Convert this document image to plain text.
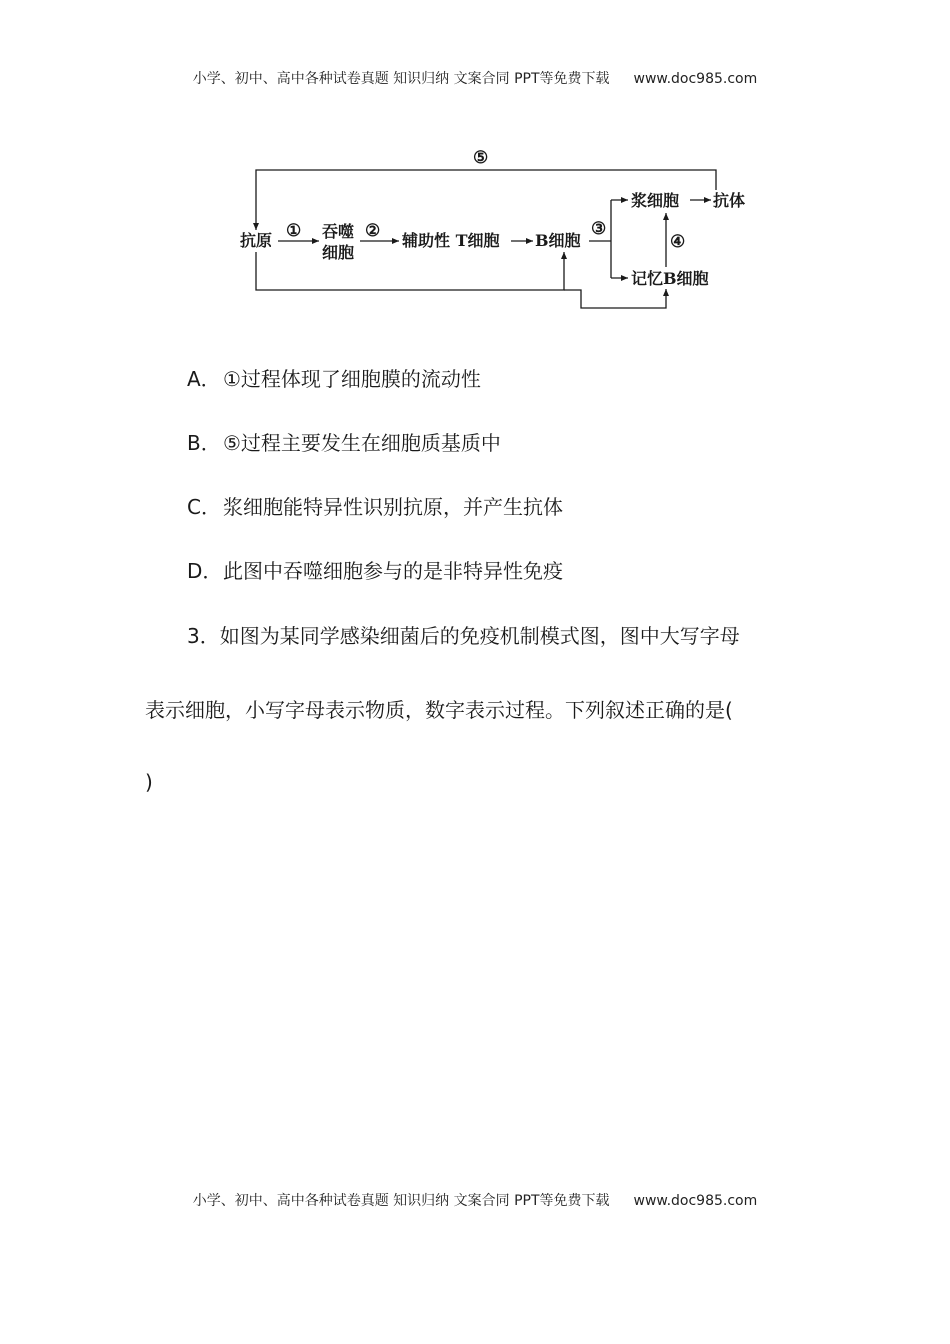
小学、初中、高中各种试卷真题 知识归纳 文案合同 PPT等免费下载 www.doc985.com
抗原 ① 吞噬
细胞
② 辅助性 T细胞 B细胞
③
浆细胞 抗体
④
记忆B细胞
⑤
A． ①过程体现了细胞膜的流动性
B． ⑤过程主要发生在细胞质基质中
C． 浆细胞能特异性识别抗原，并产生抗体
D．此图中吞噬细胞参与的是非特异性免疫
3．如图为某同学感染细菌后的免疫机制模式图，图中大写字母
表示细胞，小写字母表示物质，数字表示过程。下列叙述正确的是(
)
小学、初中、高中各种试卷真题 知识归纳 文案合同 PPT等免费下载 www.doc985.com
